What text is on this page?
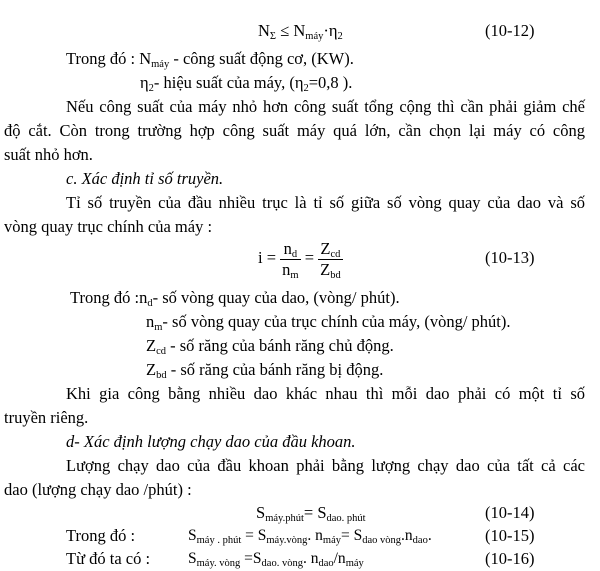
$N_\Sigma \le N_{máy}\cdot\eta_2$	(10-12)
Trong đó : $N_{máy}$ - công suất động cơ, (KW).
$\eta_2-$ hiệu suất của máy, ($\eta_2=0,8$ ).
Nếu công suất của máy nhỏ hơn công suất tổng cộng thì cần phải giảm chế
độ cắt. Còn trong trường hợp công suất máy quá lớn, cần chọn lại máy có công
suất nhỏ hơn.
c. Xác định tỉ số truyền.
Tỉ số truyền của đầu nhiều trục là tỉ số giữa số vòng quay của dao và số
vòng quay trục chính của máy :
$i = \frac{n_d}{n_m} = \frac{Z_{cd}}{Z_{bd}}$	(10-13)
Trong đó $:n_d-$ số vòng quay của dao, (vòng/ phút).
$n_m-$ số vòng quay của trục chính của máy, (vòng/ phút).
$Z_{cd}$ - số răng của bánh răng chủ động.
$Z_{bd}$ - số răng của bánh răng bị động.
Khi gia công bằng nhiều dao khác nhau thì mỗi dao phải có một tỉ số
truyền riêng.
d- Xác định lượng chạy dao của đầu khoan.
Lượng chạy dao của đầu khoan phải bằng lượng chạy dao của tất cả các
dao (lượng chạy dao /phút) :
$S_{máy.phút}= S_{dao. phút}$	(10-14)
Trong đó :	$S_{máy . phút} = S_{máy.vòng}$. $n_{máy}= S_{dao vòng}.n_{dao}$.	(10-15)
Từ đó ta có : $S_{máy. vòng} =S_{dao. vòng}$. $n_{dao}/n_{máy}$	(10-16)
